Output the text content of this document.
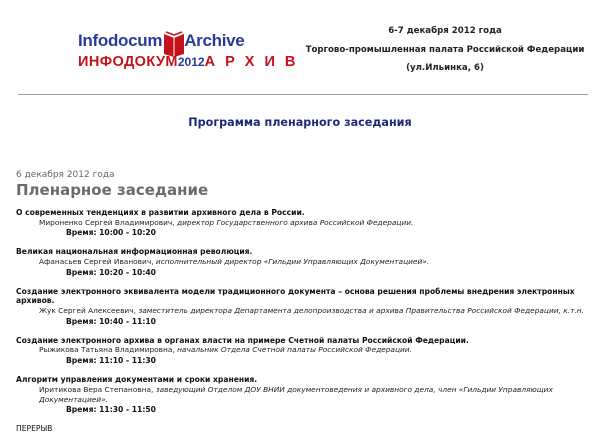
Infodocum Archive
ИНФОДОКУМ2012А Р Х И В
6-7 декабря 2012 года
Торгово-промышленная палата Российской Федерации
(ул.Ильинка, 6)
Программа пленарного заседания
6 декабря 2012 года
Пленарное заседание
О современных тенденциях в развитии архивного дела в России.
Мироненко Сергей Владимирович, директор Государственного архива Российской Федерации.
Время: 10:00 - 10:20
Великая национальная информационная революция.
Афанасьев Сергей Иванович, исполнительный директор «Гильдии Управляющих Документацией».
Время: 10:20 - 10:40
Создание электронного эквивалента модели традиционного документа – основа решения проблемы внедрения электронных архивов.
Жук Сергей Алексеевич, заместитель директора Департамента делопроизводства и архива Правительства Российской Федерации, к.т.н.
Время: 10:40 - 11:10
Создание электронного архива в органах власти на примере Счетной палаты Российской Федерации.
Рыжикова Татьяна Владимировна, начальник Отдела Счетной палаты Российской Федерации.
Время: 11:10 - 11:30
Алгоритм управления документами и сроки хранения.
Иритикова Вера Степановна, заведующий Отделом ДОУ ВНИИ документоведения и архивного дела, член «Гильдии Управляющих Документацией».
Время: 11:30 - 11:50
ПЕРЕРЫВ
